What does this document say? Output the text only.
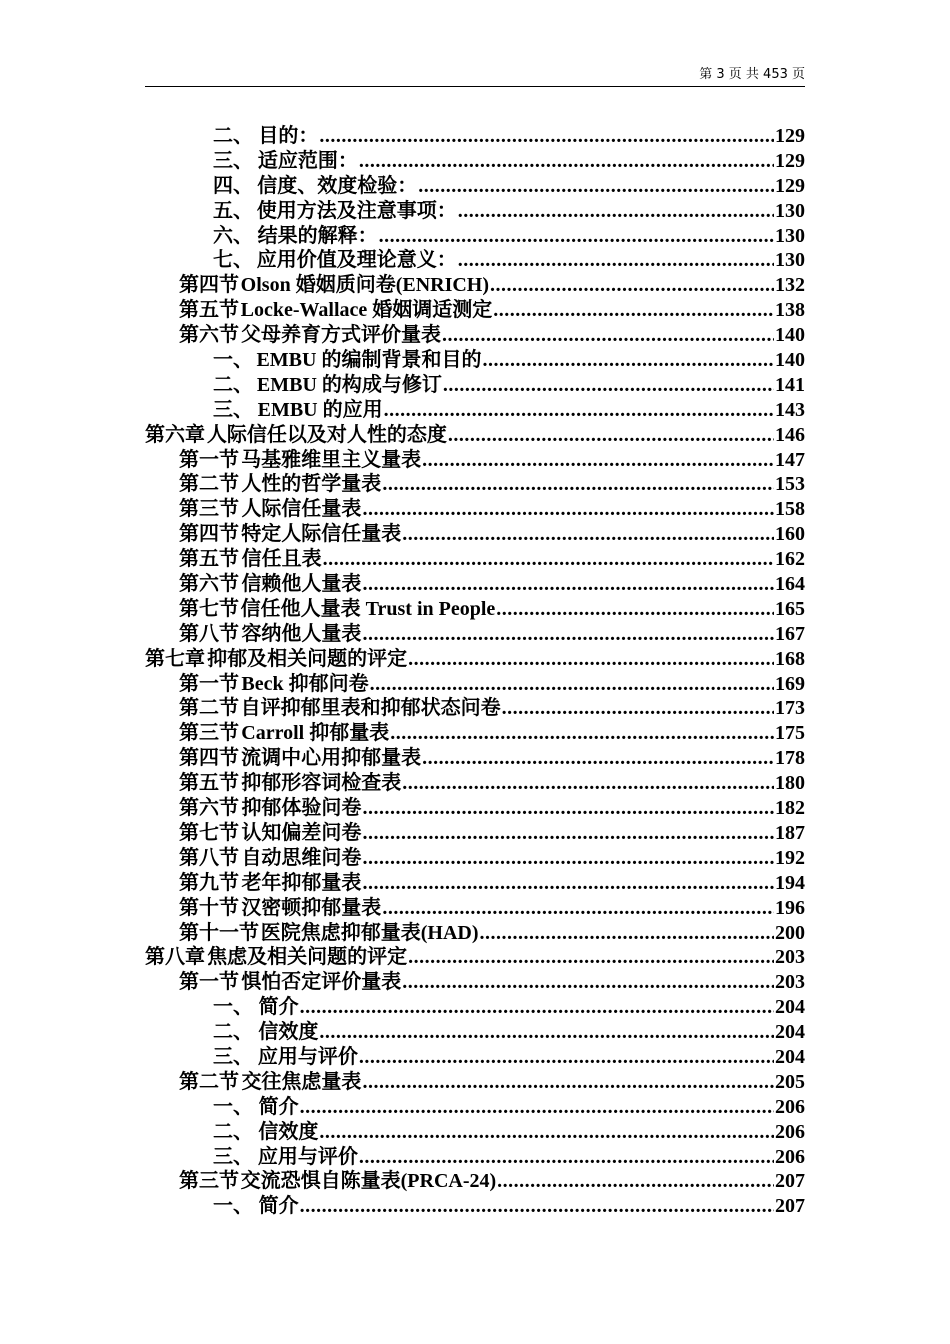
第 3 页 共 453 页
二、 目的： .....	129
三、 适应范围： .....	129
四、 信度、效度检验： .....	129
五、 使用方法及注意事项： .....	130
六、 结果的解释： .....	130
七、 应用价值及理论意义： .....	130
第四节 Olson 婚姻质问卷(ENRICH) .....	132
第五节 Locke-Wallace 婚姻调适测定 .....	138
第六节 父母养育方式评价量表 .....	140
一、 EMBU 的编制背景和目的 .....	140
二、 EMBU 的构成与修订 .....	141
三、 EMBU 的应用 .....	143
第六章 人际信任以及对人性的态度 .....	146
第一节 马基雅维里主义量表 .....	147
第二节 人性的哲学量表 .....	153
第三节 人际信任量表 .....	158
第四节 特定人际信任量表 .....	160
第五节 信任且表 .....	162
第六节 信赖他人量表 .....	164
第七节 信任他人量表 Trust in People .....	165
第八节 容纳他人量表 .....	167
第七章 抑郁及相关问题的评定 .....	168
第一节 Beck 抑郁问卷 .....	169
第二节 自评抑郁里表和抑郁状态问卷 .....	173
第三节 Carroll 抑郁量表 .....	175
第四节 流调中心用抑郁量表 .....	178
第五节 抑郁形容词检查表 .....	180
第六节 抑郁体验问卷 .....	182
第七节 认知偏差问卷 .....	187
第八节 自动思维问卷 .....	192
第九节 老年抑郁量表 .....	194
第十节 汉密顿抑郁量表 .....	196
第十一节 医院焦虑抑郁量表(HAD) .....	200
第八章 焦虑及相关问题的评定 .....	203
第一节 惧怕否定评价量表 .....	203
一、 简介 .....	204
二、 信效度 .....	204
三、 应用与评价 .....	204
第二节 交往焦虑量表 .....	205
一、 简介 .....	206
二、 信效度 .....	206
三、 应用与评价 .....	206
第三节 交流恐惧自陈量表(PRCA-24) .....	207
一、 简介 .....	207
